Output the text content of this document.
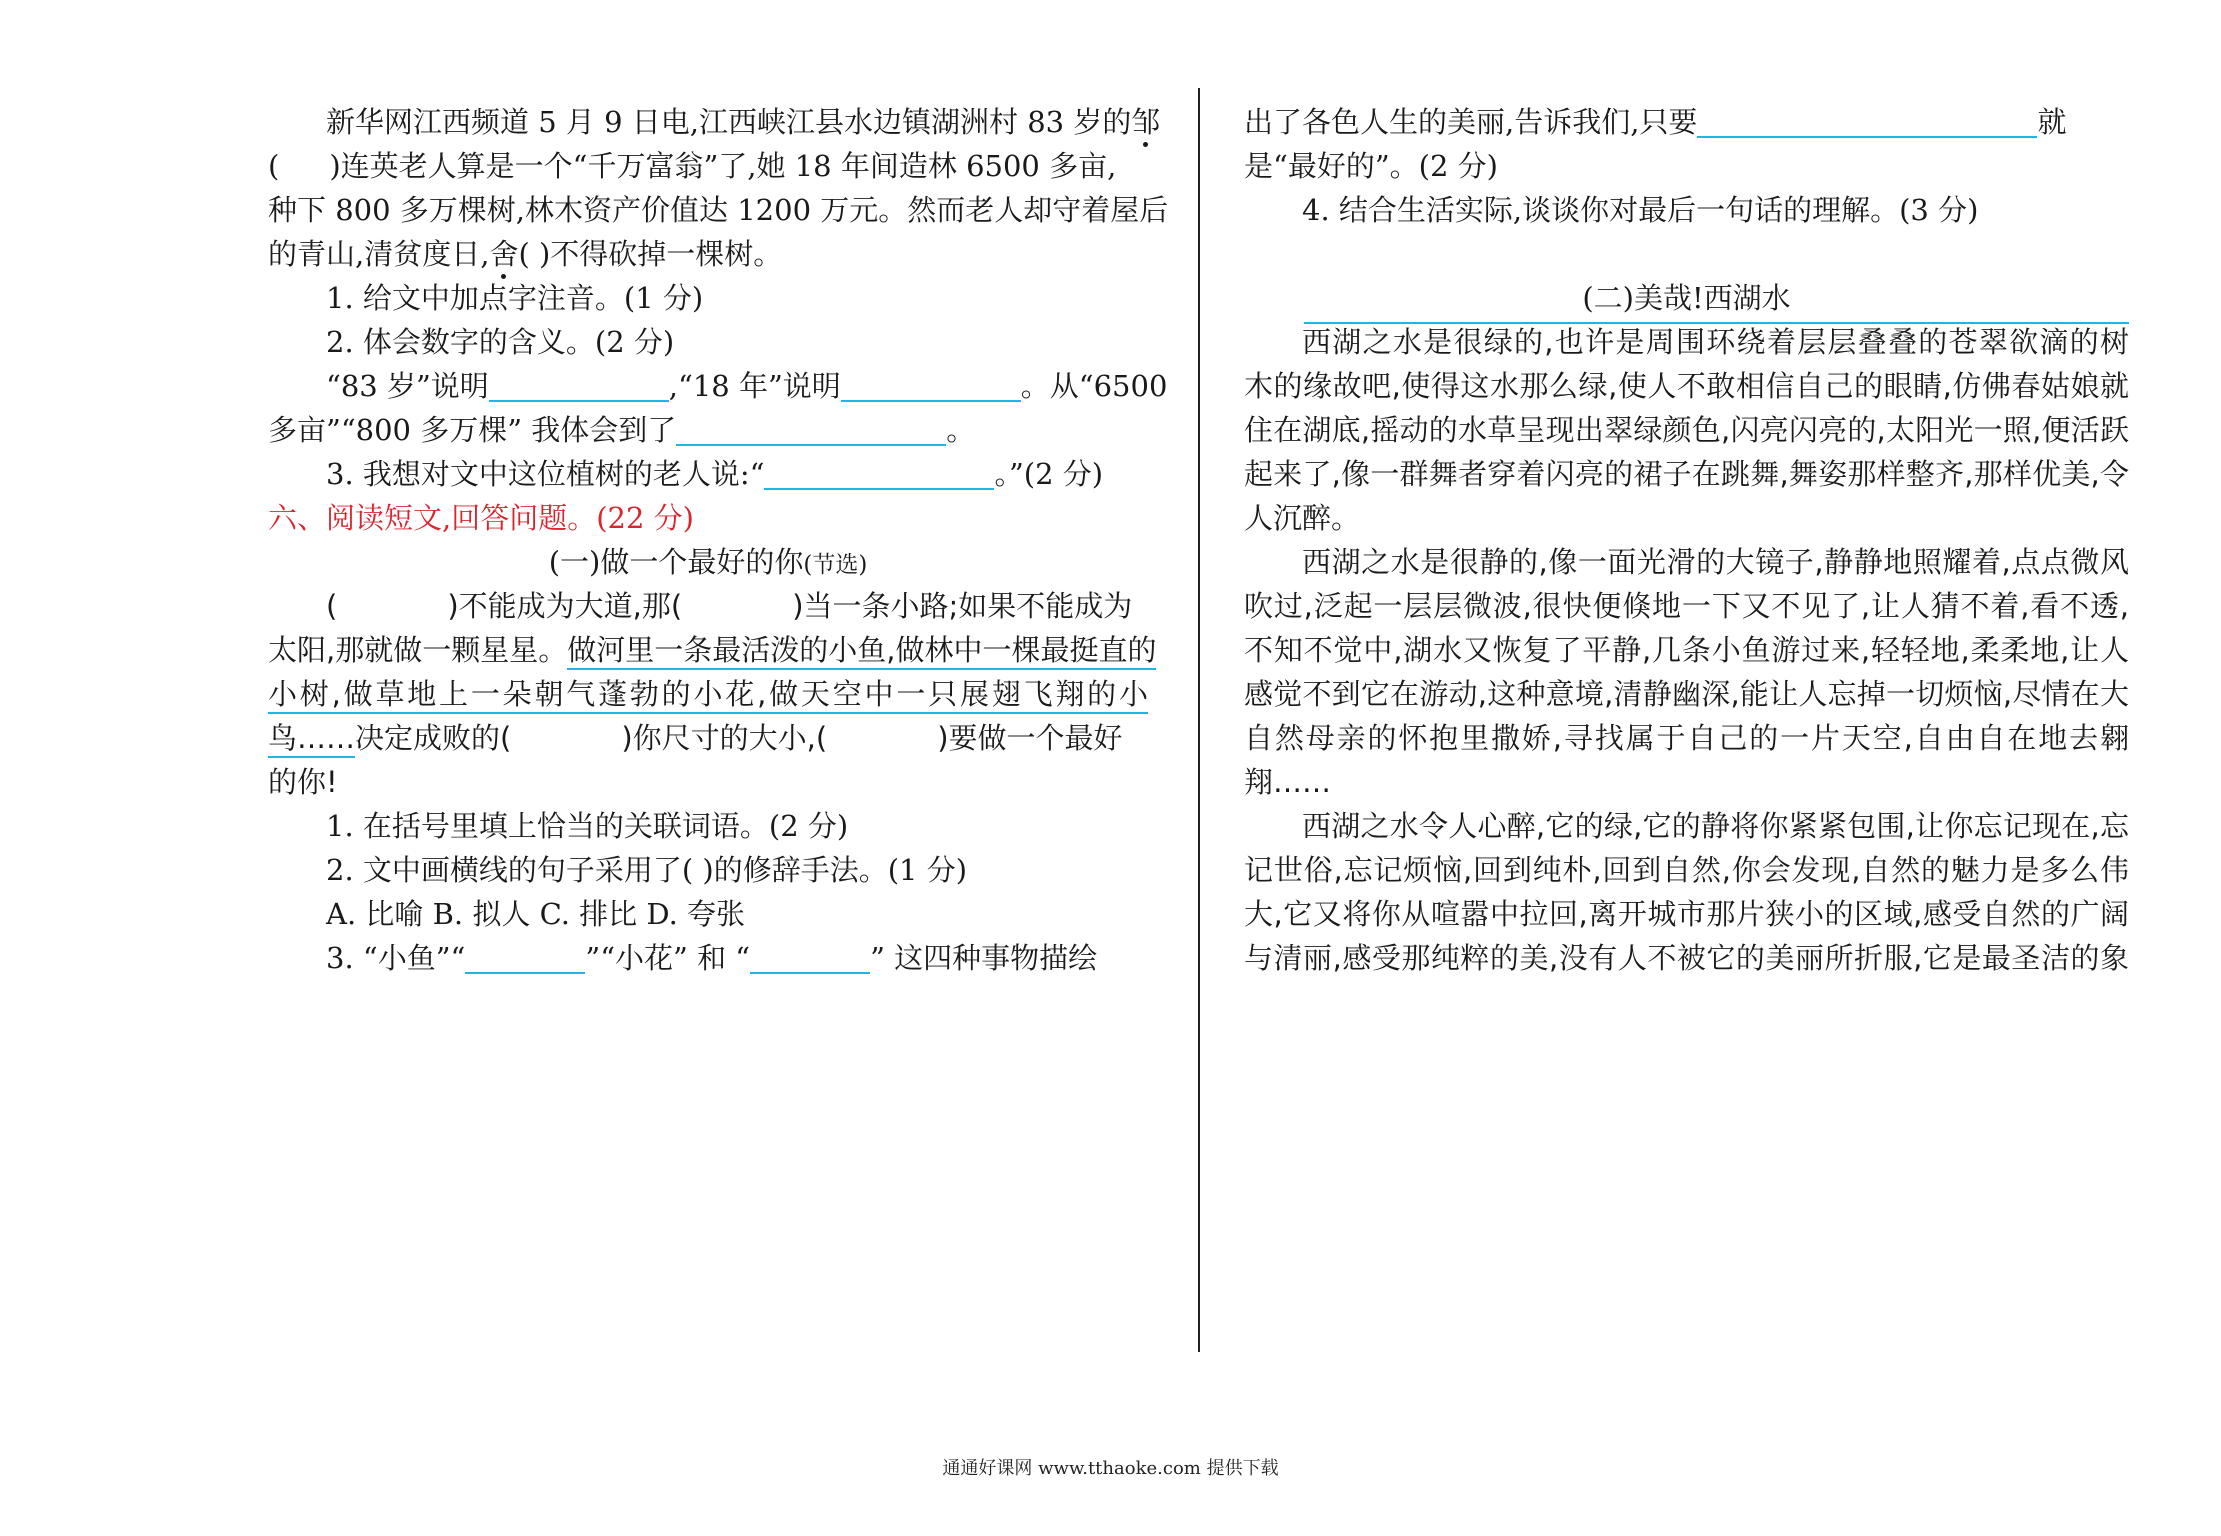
新华网江西频道 5 月 9 日电,江西峡江县水边镇湖洲村 83 岁的邹
( )连英老人算是一个“千万富翁”了,她 18 年间造林 6500 多亩,
种下 800 多万棵树,林木资产价值达 1200 万元。然而老人却守着屋后
的青山,清贫度日,舍( )不得砍掉一棵树。
1. 给文中加点字注音。(1 分)
2. 体会数字的含义。(2 分)
“83 岁”说明	,“18 年”说明	。从“6500
多亩”“800 多万棵” 我体会到了	。
3. 我想对文中这位植树的老人说:“	。”(2 分)
六、阅读短文,回答问题。(22 分)
(一)做一个最好的你(节选)
(	)不能成为大道,那(	)当一条小路;如果不能成为
太阳,那就做一颗星星。做河里一条最活泼的小鱼,做林中一棵最挺直的
小树,做草地上一朵朝气蓬勃的小花,做天空中一只展翅飞翔的小
鸟……决定成败的(	)你尺寸的大小,(	)要做一个最好
的你!
1. 在括号里填上恰当的关联词语。(2 分)
2. 文中画横线的句子采用了( )的修辞手法。(1 分)
A. 比喻 B. 拟人 C. 排比 D. 夸张
3. “小鱼”“	”“小花” 和 “	” 这四种事物描绘
出了各色人生的美丽,告诉我们,只要	就
是“最好的”。(2 分)
4. 结合生活实际,谈谈你对最后一句话的理解。(3 分)
(二)美哉!西湖水
西湖之水是很绿的,也许是周围环绕着层层叠叠的苍翠欲滴的树
木的缘故吧,使得这水那么绿,使人不敢相信自己的眼睛,仿佛春姑娘就
住在湖底,摇动的水草呈现出翠绿颜色,闪亮闪亮的,太阳光一照,便活跃
起来了,像一群舞者穿着闪亮的裙子在跳舞,舞姿那样整齐,那样优美,令
人沉醉。
西湖之水是很静的,像一面光滑的大镜子,静静地照耀着,点点微风
吹过,泛起一层层微波,很快便倏地一下又不见了,让人猜不着,看不透,
不知不觉中,湖水又恢复了平静,几条小鱼游过来,轻轻地,柔柔地,让人
感觉不到它在游动,这种意境,清静幽深,能让人忘掉一切烦恼,尽情在大
自然母亲的怀抱里撒娇,寻找属于自己的一片天空,自由自在地去翱
翔……
西湖之水令人心醉,它的绿,它的静将你紧紧包围,让你忘记现在,忘
记世俗,忘记烦恼,回到纯朴,回到自然,你会发现,自然的魅力是多么伟
大,它又将你从喧嚣中拉回,离开城市那片狭小的区域,感受自然的广阔
与清丽,感受那纯粹的美,没有人不被它的美丽所折服,它是最圣洁的象
通通好课网 www.tthaoke.com 提供下载
